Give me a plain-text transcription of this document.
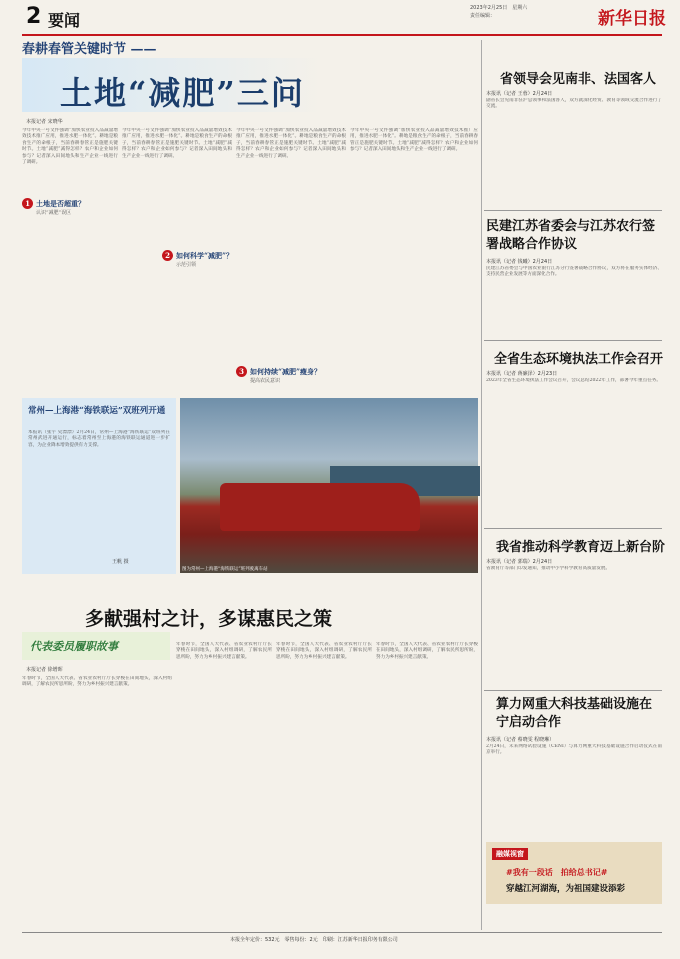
2 要闻
2023年2月25日　星期六
责任编辑：	新华日报
春耕春管关键时节 ——
土地“减肥”三问
本报记者 宋晓华
今年中央一号文件强调“加快农业投入品减量增效技术推广应用，推进水肥一体化”。耕地是粮食生产的命根子，当前春耕春管正是施肥关键时节。土地“减肥”减得怎样？农户和企业如何参与？记者深入田间地头和生产企业一线进行了调研。
1 土地是否超重？
认识“减肥”误区
今年中央一号文件强调“加快农业投入品减量增效技术推广应用，推进水肥一体化”。耕地是粮食生产的命根子，当前春耕春管正是施肥关键时节。土地“减肥”减得怎样？农户和企业如何参与？记者深入田间地头和生产企业一线进行了调研。
2 如何科学“减肥”？
示范引领
今年中央一号文件强调“加快农业投入品减量增效技术推广应用，推进水肥一体化”。耕地是粮食生产的命根子，当前春耕春管正是施肥关键时节。土地“减肥”减得怎样？农户和企业如何参与？记者深入田间地头和生产企业一线进行了调研。
3 如何持续“减肥”瘦身？
提高农民意识
今年中央一号文件强调“加快农业投入品减量增效技术推广应用，推进水肥一体化”。耕地是粮食生产的命根子，当前春耕春管正是施肥关键时节。土地“减肥”减得怎样？农户和企业如何参与？记者深入田间地头和生产企业一线进行了调研。
常州—上海港“海铁联运”双班列开通
本报讯（张宇 史漂漂）2月24日，常州—上海港“海铁联运”双班列在常州武进开通运行，标志着常州至上海港的海铁联运通道进一步扩容，为企业降本增效提供有力支撑。
王帆 摄
图为常州—上海港“海铁联运”班列驶离车站
多献强村之计，多谋惠民之策
代表委员履职故事
本报记者 徐增晖
年春时节，全国人大代表、省农业农村厅厅长穿梭在田间地头，深入村组调研，了解农民所思所盼，努力为乡村振兴建言献策。
年春时节，全国人大代表、省农业农村厅厅长穿梭在田间地头，深入村组调研，了解农民所思所盼，努力为乡村振兴建言献策。
年春时节，全国人大代表、省农业农村厅厅长穿梭在田间地头，深入村组调研，了解农民所思所盼，努力为乡村振兴建言献策。
年春时节，全国人大代表、省农业农村厅厅长穿梭在田间地头，深入村组调研，了解农民所思所盼，努力为乡村振兴建言献策。
省领导会见南非、法国客人
本报讯（记者 王蓉）2月24日
副省长会见南非驻沪总领事和法国客人，双方就深化经贸、教育等领域交流合作进行了交流。
民建江苏省委会与江苏农行签署战略合作协议
本报讯（记者 钱曦）2月24日
民建江苏省委会与中国农业银行江苏分行签署战略合作协议，双方将在服务实体经济、支持民营企业发展等方面深化合作。
全省生态环境执法工作会召开
本报讯（记者 蒋廉泽）2月23日
2023年全省生态环境执法工作会议召开，会议总结2022年工作，部署今年重点任务。
我省推动科学教育迈上新台阶
本报讯（记者 郭瑞）2月24日
省教育厅等部门印发通知，推动中小学科学教育高质量发展。
算力网重大科技基础设施在宁启动合作
本报讯（记者 蔡晓雯 程晓琳）
2月24日，未来网络试验设施（CENI）与算力网重大科技基础设施合作启动仪式在南京举行。
融媒视窗
#我有一段话　拍给总书记#
穿越江河湖海，为祖国建设添彩
本报全年定价：532元　零售每份：2元　印刷：江苏新华日报印务有限公司
